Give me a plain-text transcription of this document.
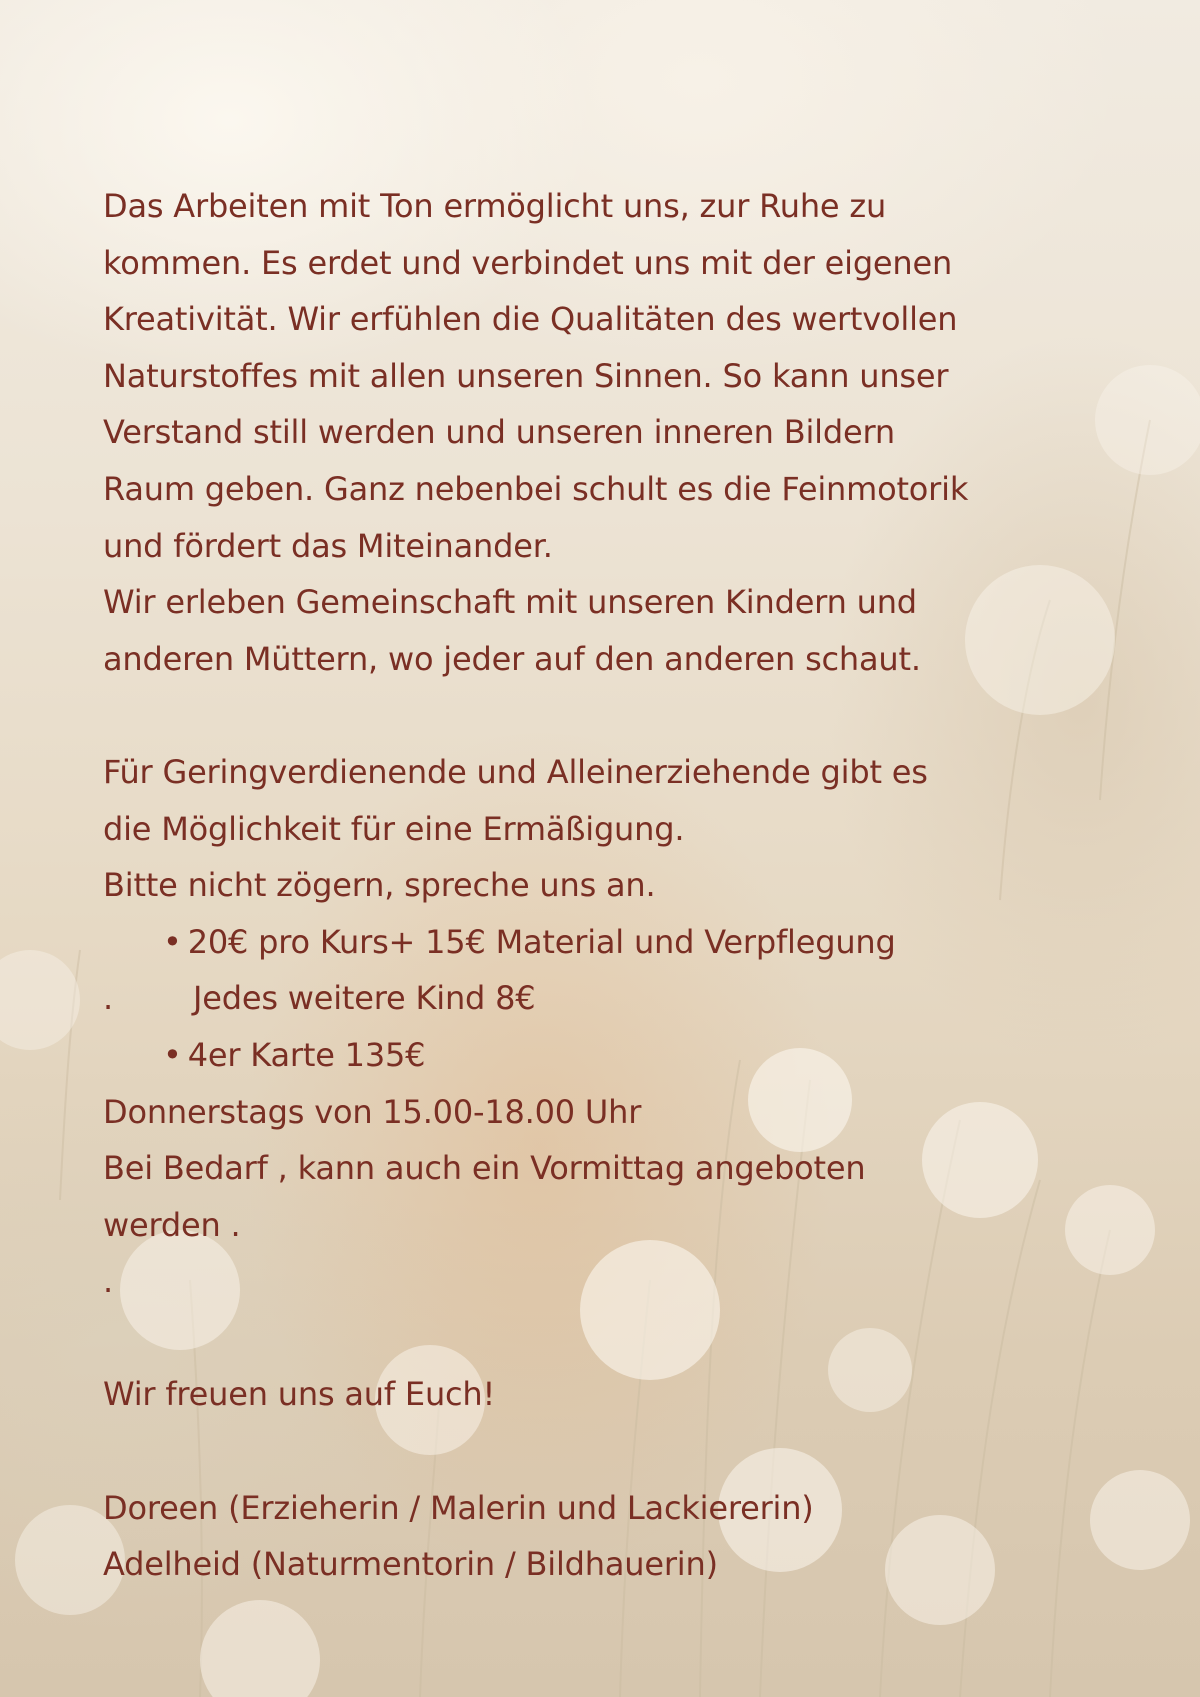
Das Arbeiten mit Ton ermöglicht uns, zur Ruhe zu
kommen. Es erdet und verbindet uns mit der eigenen
Kreativität. Wir erfühlen die Qualitäten des wertvollen
Naturstoffes mit allen unseren Sinnen. So kann unser
Verstand still werden und unseren inneren Bildern
Raum geben. Ganz nebenbei schult es die Feinmotorik
und fördert das Miteinander.
Wir erleben Gemeinschaft mit unseren Kindern und
anderen Müttern, wo jeder auf den anderen schaut.
Für Geringverdienende und Alleinerziehende gibt es
die Möglichkeit für eine Ermäßigung.
Bitte nicht zögern, spreche uns an.
• 20€ pro Kurs+ 15€ Material und Verpflegung
.	Jedes weitere Kind 8€
• 4er Karte 135€
Donnerstags von 15.00-18.00 Uhr
Bei Bedarf , kann auch ein Vormittag angeboten
werden .
.
Wir freuen uns auf Euch!
Doreen (Erzieherin / Malerin und Lackiererin)
Adelheid (Naturmentorin / Bildhauerin)
